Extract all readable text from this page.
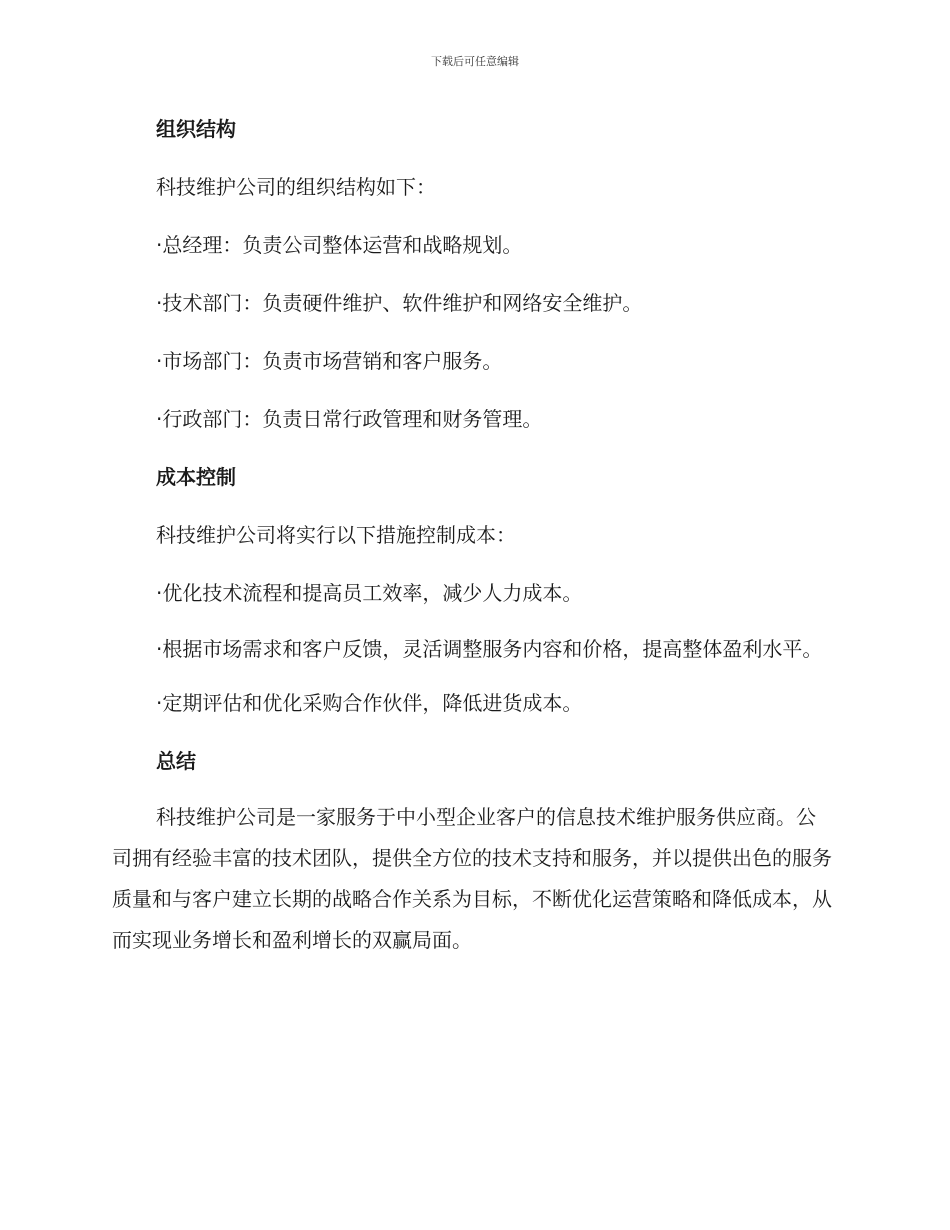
下载后可任意编辑
组织结构
科技维护公司的组织结构如下：
·总经理：负责公司整体运营和战略规划。
·技术部门：负责硬件维护、软件维护和网络安全维护。
·市场部门：负责市场营销和客户服务。
·行政部门：负责日常行政管理和财务管理。
成本控制
科技维护公司将实行以下措施控制成本：
·优化技术流程和提高员工效率，减少人力成本。
·根据市场需求和客户反馈，灵活调整服务内容和价格，提高整体盈利水平。
·定期评估和优化采购合作伙伴，降低进货成本。
总结
科技维护公司是一家服务于中小型企业客户的信息技术维护服务供应商。公司拥有经验丰富的技术团队，提供全方位的技术支持和服务，并以提供出色的服务质量和与客户建立长期的战略合作关系为目标，不断优化运营策略和降低成本，从而实现业务增长和盈利增长的双赢局面。
